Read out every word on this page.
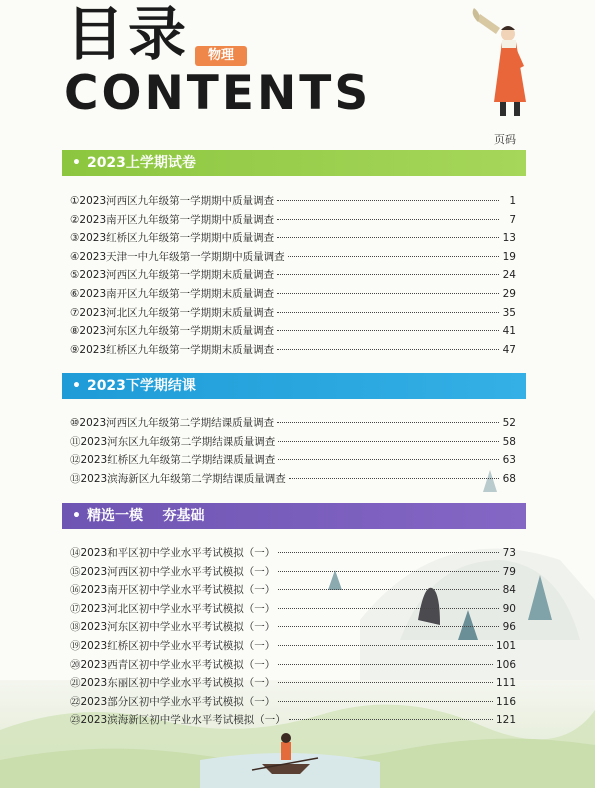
目录	物理
CONTENTS
页码
• 2023上学期试卷
①2023河西区九年级第一学期期中质量调查	1
②2023南开区九年级第一学期期中质量调查	7
③2023红桥区九年级第一学期期中质量调查	13
④2023天津一中九年级第一学期期中质量调查	19
⑤2023河西区九年级第一学期期末质量调查	24
⑥2023南开区九年级第一学期期末质量调查	29
⑦2023河北区九年级第一学期期末质量调查	35
⑧2023河东区九年级第一学期期末质量调查	41
⑨2023红桥区九年级第一学期期末质量调查	47
• 2023下学期结课
⑩2023河西区九年级第二学期结课质量调查	52
⑪2023河东区九年级第二学期结课质量调查	58
⑫2023红桥区九年级第二学期结课质量调查	63
⑬2023滨海新区九年级第二学期结课质量调查	68
• 精选一模    夯基础
⑭2023和平区初中学业水平考试模拟（一）	73
⑮2023河西区初中学业水平考试模拟（一）	79
⑯2023南开区初中学业水平考试模拟（一）	84
⑰2023河北区初中学业水平考试模拟（一）	90
⑱2023河东区初中学业水平考试模拟（一）	96
⑲2023红桥区初中学业水平考试模拟（一）	101
⑳2023西青区初中学业水平考试模拟（一）	106
㉑2023东丽区初中学业水平考试模拟（一）	111
㉒2023部分区初中学业水平考试模拟（一）	116
㉓2023滨海新区初中学业水平考试模拟（一）	121
